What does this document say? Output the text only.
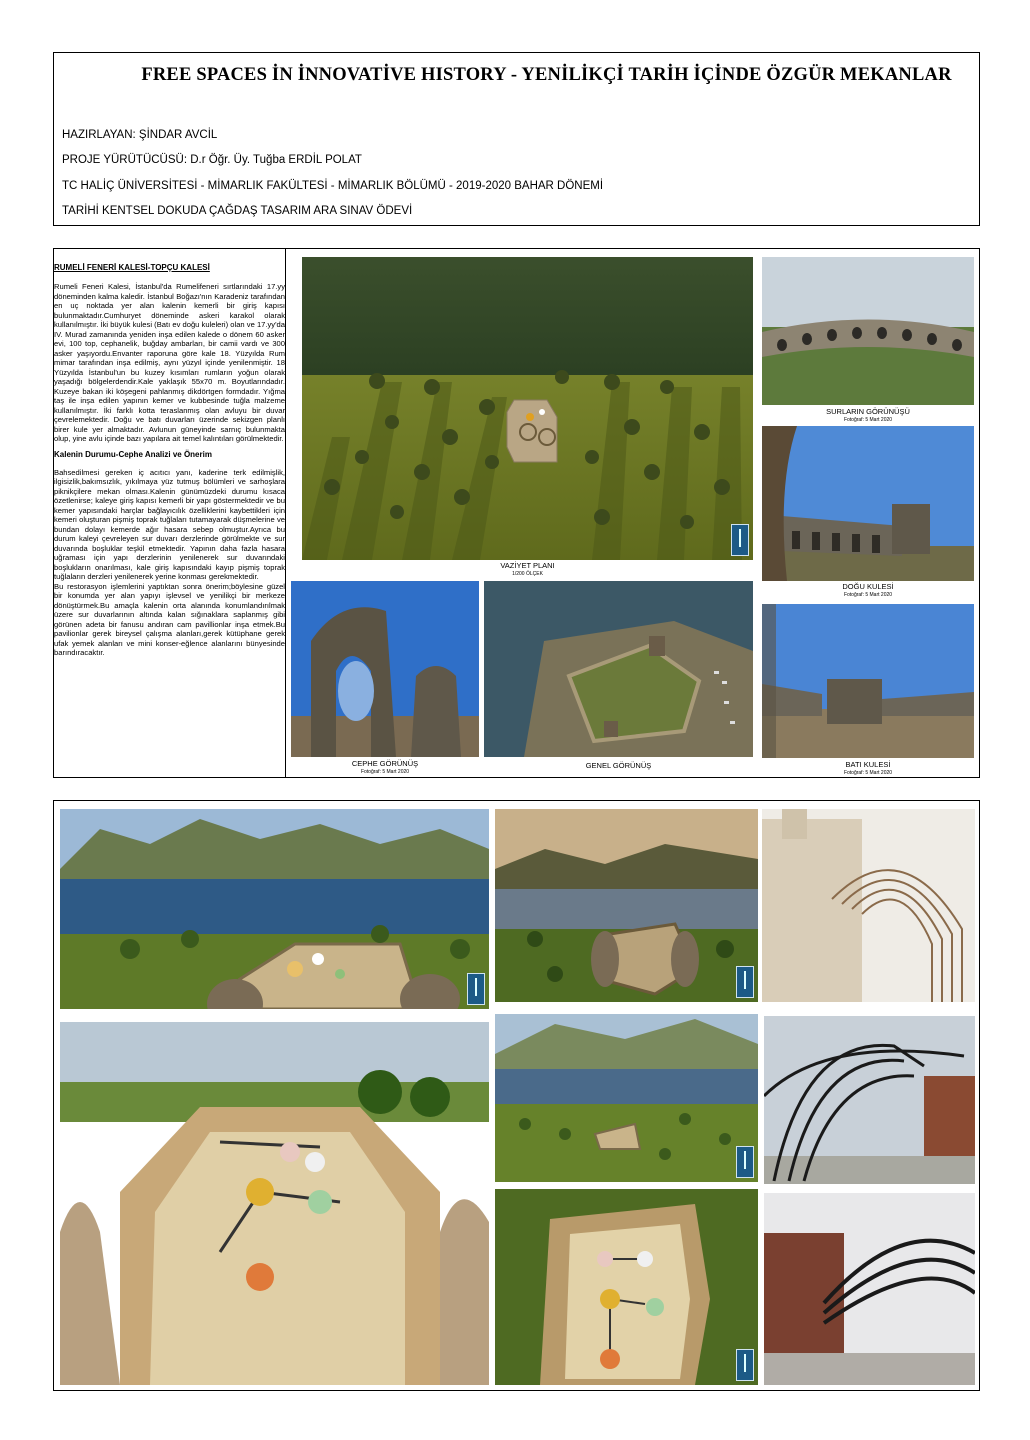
FREE SPACES İN İNNOVATİVE HISTORY - YENİLİKÇİ TARİH İÇİNDE ÖZGÜR MEKANLAR
HAZIRLAYAN: ŞİNDAR AVCİL
PROJE YÜRÜTÜCÜSÜ: D.r Öğr. Üy. Tuğba ERDİL POLAT
TC HALİÇ ÜNİVERSİTESİ - MİMARLIK FAKÜLTESİ - MİMARLIK BÖLÜMÜ - 2019-2020 BAHAR DÖNEMİ
TARİHİ KENTSEL DOKUDA ÇAĞDAŞ TASARIM ARA SINAV ÖDEVİ
RUMELİ FENERİ KALESİ-TOPÇU KALESİ

Rumeli Feneri Kalesi, İstanbul'da Rumelifeneri sırtlarındaki 17.yy döneminden kalma kaledir. İstanbul Boğazı'nın Karadeniz tarafından en uç noktada yer alan kalenin kemerli bir giriş kapısı bulunmaktadır.Cumhuryet döneminde askeri karakol olarak kullanılmıştır. İki büyük kulesi (Batı ev doğu kuleleri) olan ve 17.yy'da IV. Murad zamanında yeniden inşa edilen kalede o dönem 60 asker evi, 100 top, cephanelik, buğday ambarları, bir camii vardı ve 300 asker yaşıyordu.Envanter raporuna göre kale 18. Yüzyılda Rum mimar tarafından inşa edilmiş, aynı yüzyıl içinde yenilenmiştir. 18 Yüzyılda İstanbul'un bu kuzey kısımları rumların yoğun olarak yaşadığı bölgelerdendir.Kale yaklaşık 55x70 m. Boyutlarındadır. Kuzeye bakan iki köşegeni pahlanmış dikdörtgen formdadır. Yığma taş ile inşa edilen yapının kemer ve kubbesinde tuğla malzeme kullanılmıştır. İki farklı kotta teraslanmış olan avluyu bir duvar çevrelemektedir. Doğu ve batı duvarları üzerinde sekizgen planlı birer kule yer almaktadır. Avlunun güneyinde sarnıç bulunmakta olup, yine avlu içinde bazı yapılara ait temel kalıntıları görülmektedir.

Kalenin Durumu-Cephe Analizi ve Önerim

Bahsedilmesi gereken iç acıtıcı yanı, kaderine terk edilmişlik, ilgisizlik,bakımsızlık, yıkılmaya yüz tutmuş bölümleri ve sarhoşlara piknikçilere mekan olması.Kalenin günümüzdeki durumu kısaca özetlenirse; kaleye giriş kapısı kemerli bir yapı göstermektedir ve bu kemer yapısındaki harçlar bağlayıcılık özelliklerini kaybettikleri için kemeri oluşturan pişmiş toprak tuğlaları tutamayarak düşmelerine ve bundan dolayı kemerde ağır hasara sebep olmuştur.Ayrıca bu durum kaleyi çevreleyen sur duvarı derzlerinde görülmekte ve sur duvarında boşluklar teşkil etmektedir. Yapının daha fazla hasara uğraması için yapı derzlerinin yenilenerek sur duvarındaki boşlukların onarılması, kale giriş kapısındaki kayıp pişmiş toprak tuğlaların derzleri yenilenerek yerine konması gerekmektedir.

Bu restorasyon işlemlerini yaptıktan sonra önerim;böylesine güzel bir konumda yer alan yapıyı işlevsel ve yenilikçi bir merkeze dönüştürmek.Bu amaçla kalenin orta alanında konumlandırılmak üzere sur duvarlarının altında kalan sığınaklara saplanmış gibi görünen adeta bir fanusu andıran cam pavillionlar inşa etmek.Bu pavilionlar gerek bireysel çalışma alanları,gerek kütüphane gerek ufak yemek alanları ve mini konser-eğlence alanlarını bünyesinde barındıracaktır.

VAZİYET PLANI
1/200 ÖLÇEK
SURLARIN GÖRÜNÜŞÜ
Fotoğraf: 5 Mart 2020
DOĞU KULESİ
Fotoğraf: 5 Mart 2020
CEPHE GÖRÜNÜŞ
Fotoğraf: 5 Mart 2020
GENEL GÖRÜNÜŞ	BATI KULESİ
Fotoğraf: 5 Mart 2020
